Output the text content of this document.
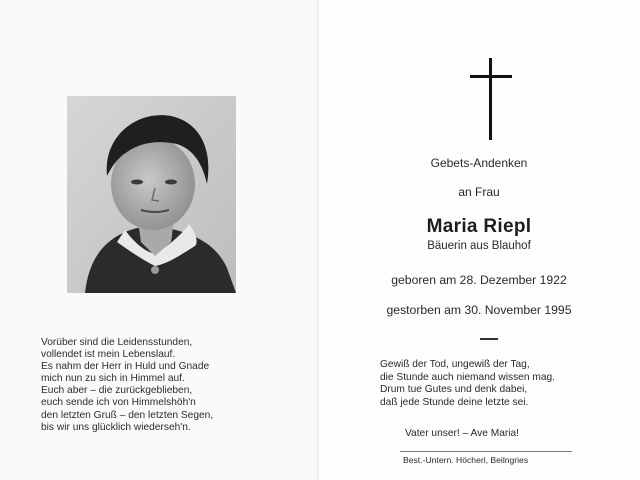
Vorüber sind die Leidensstunden,
vollendet ist mein Lebenslauf.
Es nahm der Herr in Huld und Gnade
mich nun zu sich in Himmel auf.
Euch aber – die zurückgeblieben,
euch sende ich von Himmelshöh'n
den letzten Gruß – den letzten Segen,
bis wir uns glücklich wiederseh'n.
Gebets-Andenken
an Frau
Maria Riepl
Bäuerin aus Blauhof
geboren am 28. Dezember 1922
gestorben am 30. November 1995
Gewiß der Tod, ungewiß der Tag,
die Stunde auch niemand wissen mag.
Drum tue Gutes und denk dabei,
daß jede Stunde deine letzte sei.
Vater unser! – Ave Maria!
Best.-Untern. Höcherl, Beilngries
